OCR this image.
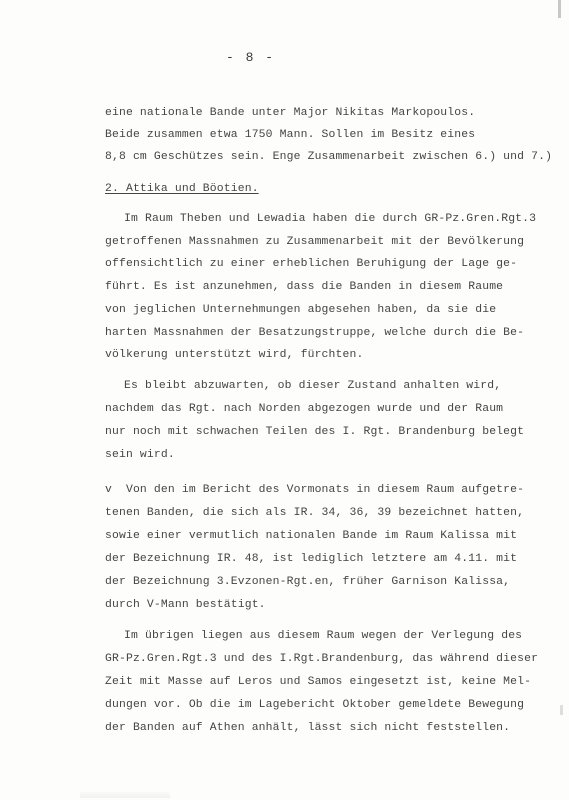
- 8 -
eine nationale Bande unter Major Nikitas Markopoulos.
Beide zusammen etwa 1750 Mann. Sollen im Besitz eines
8,8 cm Geschützes sein. Enge Zusammenarbeit zwischen 6.) und 7.)
2. Attika und Böotien.
Im Raum Theben und Lewadia haben die durch GR-Pz.Gren.Rgt.3
getroffenen Massnahmen zu Zusammenarbeit mit der Bevölkerung
offensichtlich zu einer erheblichen Beruhigung der Lage ge-
führt. Es ist anzunehmen, dass die Banden in diesem Raume
von jeglichen Unternehmungen abgesehen haben, da sie die
harten Massnahmen der Besatzungstruppe, welche durch die Be-
völkerung unterstützt wird, fürchten.
Es bleibt abzuwarten, ob dieser Zustand anhalten wird,
nachdem das Rgt. nach Norden abgezogen wurde und der Raum
nur noch mit schwachen Teilen des I. Rgt. Brandenburg belegt
sein wird.
v  Von den im Bericht des Vormonats in diesem Raum aufgetre-
tenen Banden, die sich als IR. 34, 36, 39 bezeichnet hatten,
sowie einer vermutlich nationalen Bande im Raum Kalissa mit
der Bezeichnung IR. 48, ist lediglich letztere am 4.11. mit
der Bezeichnung 3.Evzonen-Rgt.en, früher Garnison Kalissa,
durch V-Mann bestätigt.
Im übrigen liegen aus diesem Raum wegen der Verlegung des
GR-Pz.Gren.Rgt.3 und des I.Rgt.Brandenburg, das während dieser
Zeit mit Masse auf Leros und Samos eingesetzt ist, keine Mel-
dungen vor. Ob die im Lagebericht Oktober gemeldete Bewegung
der Banden auf Athen anhält, lässt sich nicht feststellen.
